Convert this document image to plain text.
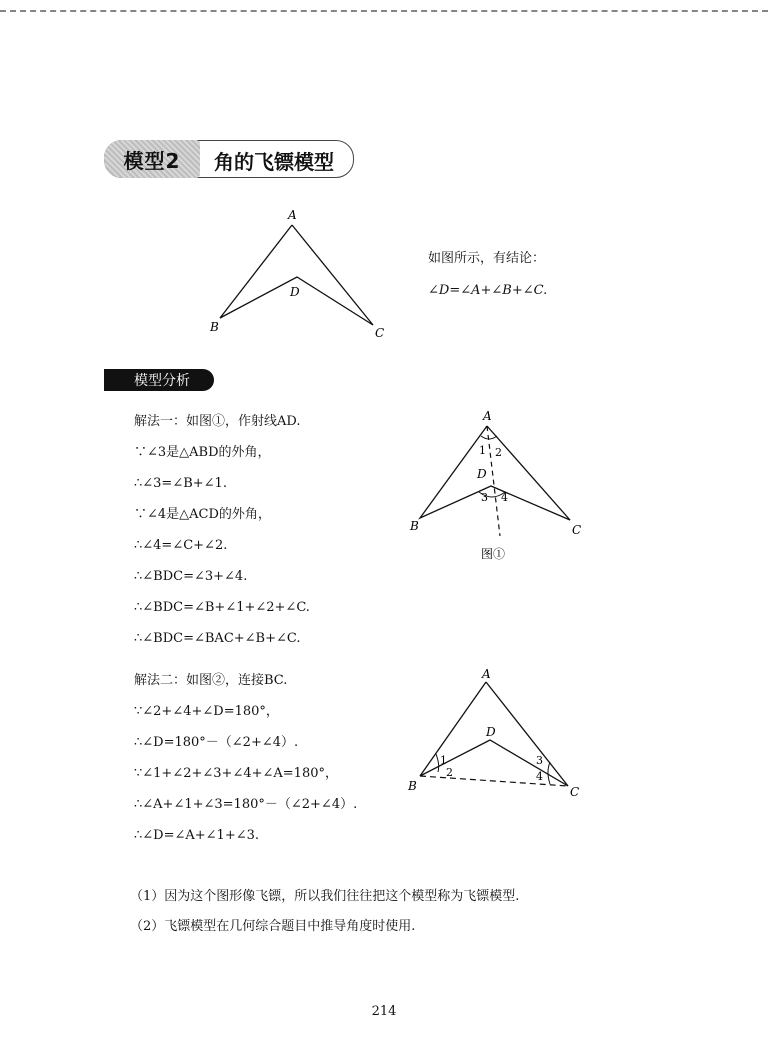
模型2	角的飞镖模型
A
B	C
D
如图所示，有结论：
∠D=∠A+∠B+∠C.
模型分析
解法一：如图①，作射线AD.
∵∠3是△ABD的外角，
∴∠3=∠B+∠1.
∵∠4是△ACD的外角，
∴∠4=∠C+∠2.
∴∠BDC=∠3+∠4.
∴∠BDC=∠B+∠1+∠2+∠C.
∴∠BDC=∠BAC+∠B+∠C.
A
B	C
D
1 2
3 4
图①
解法二：如图②，连接BC.
∵∠2+∠4+∠D=180°，
∴∠D=180°－（∠2+∠4）.
∵∠1+∠2+∠3+∠4+∠A=180°，
∴∠A+∠1+∠3=180°－（∠2+∠4）.
∴∠D=∠A+∠1+∠3.
A
B	C
D
1
2
3
4
（1）因为这个图形像飞镖，所以我们往往把这个模型称为飞镖模型.
（2）飞镖模型在几何综合题目中推导角度时使用.
214
